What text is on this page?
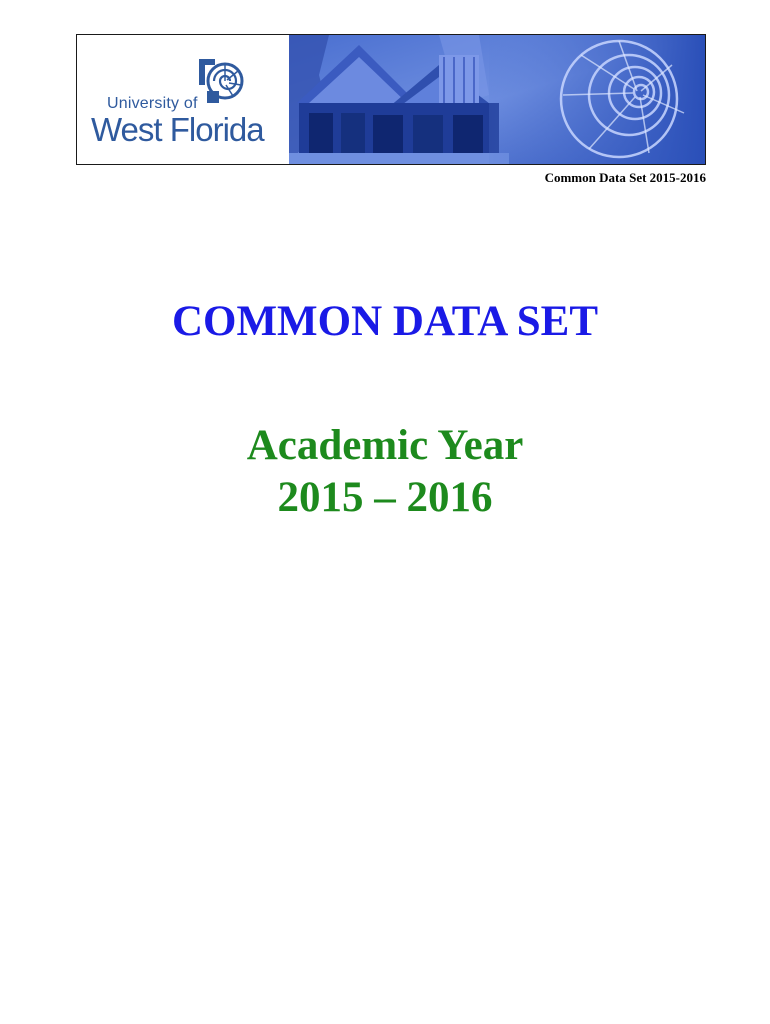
University of
West Florida
Common Data Set 2015-2016
COMMON DATA SET
Academic Year
2015 – 2016
